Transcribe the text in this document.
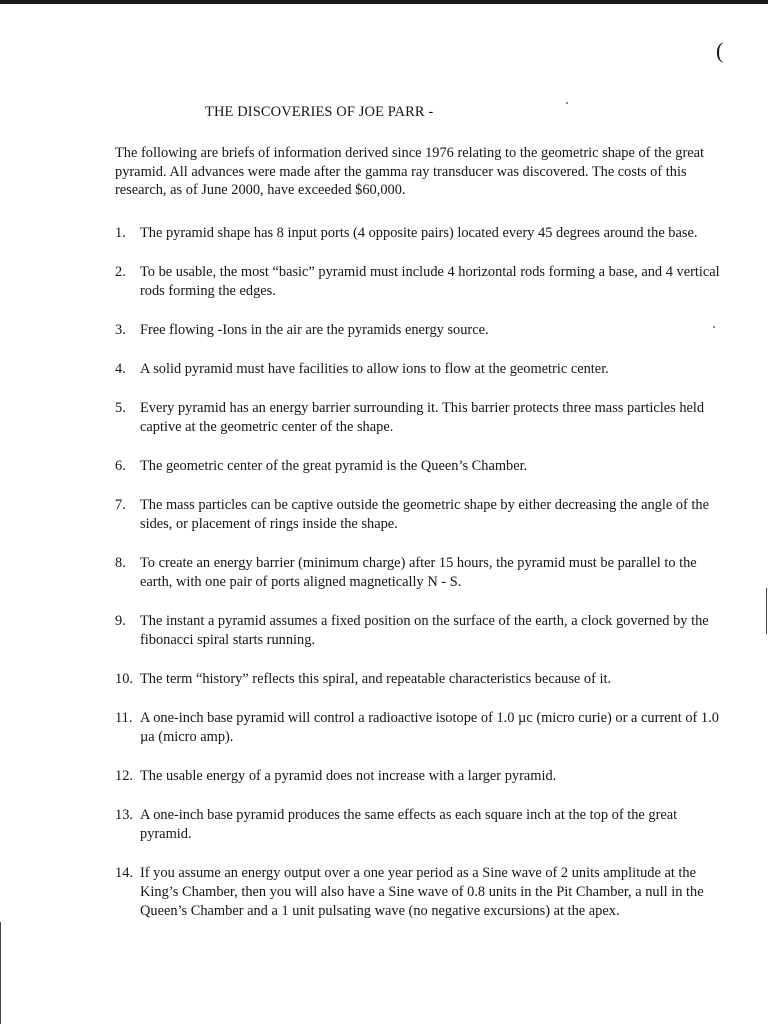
(
THE DISCOVERIES OF JOE PARR -
The following are briefs of information derived since 1976 relating to the geometric shape of the great pyramid. All advances were made after the gamma ray transducer was discovered. The costs of this research, as of June 2000, have exceeded $60,000.
1. The pyramid shape has 8 input ports (4 opposite pairs) located every 45 degrees around the base.
2. To be usable, the most “basic” pyramid must include 4 horizontal rods forming a base, and 4 vertical rods forming the edges.
3. Free flowing -Ions in the air are the pyramids energy source.
4. A solid pyramid must have facilities to allow ions to flow at the geometric center.
5. Every pyramid has an energy barrier surrounding it. This barrier protects three mass particles held captive at the geometric center of the shape.
6. The geometric center of the great pyramid is the Queen’s Chamber.
7. The mass particles can be captive outside the geometric shape by either decreasing the angle of the sides, or placement of rings inside the shape.
8. To create an energy barrier (minimum charge) after 15 hours, the pyramid must be parallel to the earth, with one pair of ports aligned magnetically N - S.
9. The instant a pyramid assumes a fixed position on the surface of the earth, a clock governed by the fibonacci spiral starts running.
10. The term “history” reflects this spiral, and repeatable characteristics because of it.
11. A one-inch base pyramid will control a radioactive isotope of 1.0 µc (micro curie) or a current of 1.0 µa (micro amp).
12. The usable energy of a pyramid does not increase with a larger pyramid.
13. A one-inch base pyramid produces the same effects as each square inch at the top of the great pyramid.
14. If you assume an energy output over a one year period as a Sine wave of 2 units amplitude at the King’s Chamber, then you will also have a Sine wave of 0.8 units in the Pit Chamber, a null in the Queen’s Chamber and a 1 unit pulsating wave (no negative excursions) at the apex.
